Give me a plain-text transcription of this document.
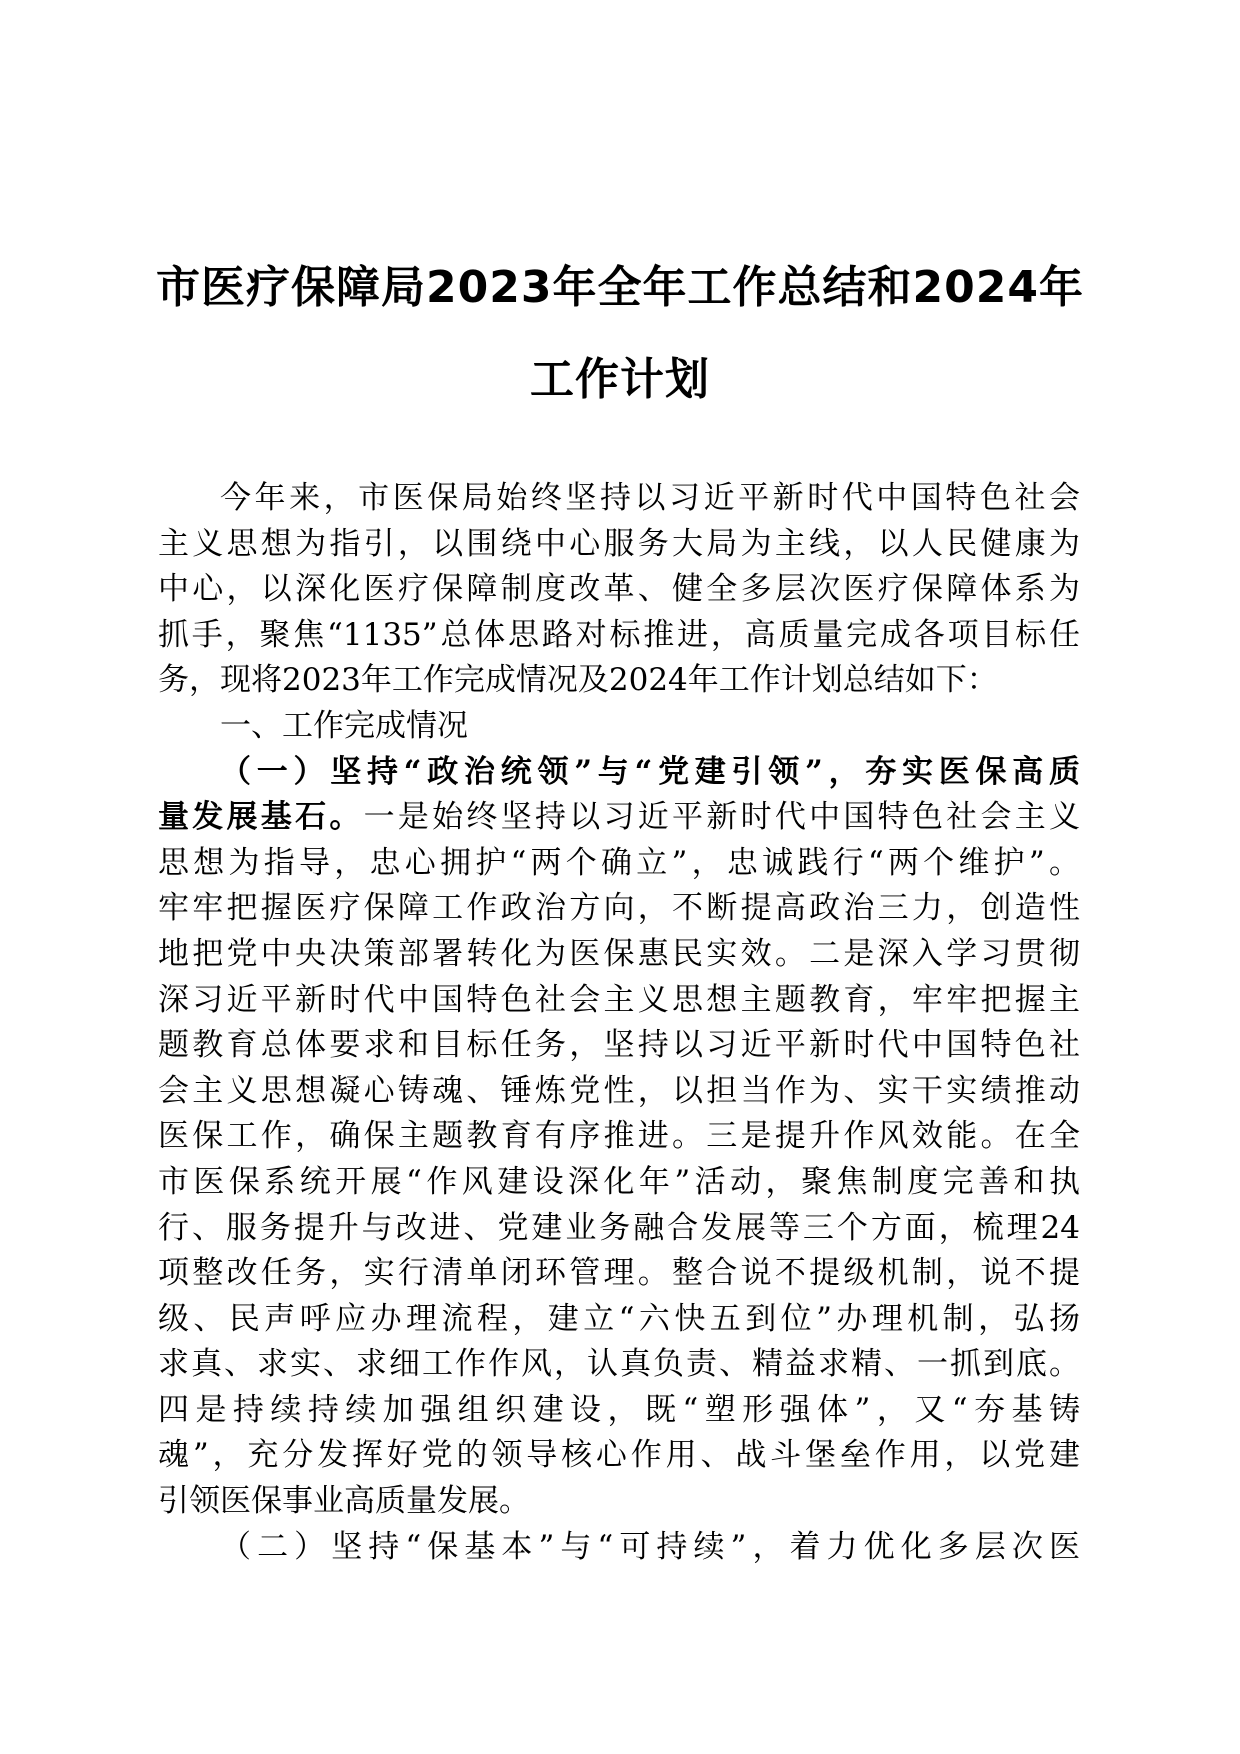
市医疗保障局2023年全年工作总结和2024年
工作计划
今年来，市医保局始终坚持以习近平新时代中国特色社会
主义思想为指引，以围绕中心服务大局为主线，以人民健康为
中心，以深化医疗保障制度改革、健全多层次医疗保障体系为
抓手，聚焦“1135”总体思路对标推进，高质量完成各项目标任
务，现将2023年工作完成情况及2024年工作计划总结如下：
一、工作完成情况
（一）坚持“政治统领”与“党建引领”，夯实医保高质
量发展基石。一是始终坚持以习近平新时代中国特色社会主义
思想为指导，忠心拥护“两个确立”，忠诚践行“两个维护”。
牢牢把握医疗保障工作政治方向，不断提高政治三力，创造性
地把党中央决策部署转化为医保惠民实效。二是深入学习贯彻
深习近平新时代中国特色社会主义思想主题教育，牢牢把握主
题教育总体要求和目标任务，坚持以习近平新时代中国特色社
会主义思想凝心铸魂、锤炼党性，以担当作为、实干实绩推动
医保工作，确保主题教育有序推进。三是提升作风效能。在全
市医保系统开展“作风建设深化年”活动，聚焦制度完善和执
行、服务提升与改进、党建业务融合发展等三个方面，梳理24
项整改任务，实行清单闭环管理。整合说不提级机制，说不提
级、民声呼应办理流程，建立“六快五到位”办理机制，弘扬
求真、求实、求细工作作风，认真负责、精益求精、一抓到底。
四是持续持续加强组织建设，既“塑形强体”，又“夯基铸
魂”，充分发挥好党的领导核心作用、战斗堡垒作用，以党建
引领医保事业高质量发展。
（二）坚持“保基本”与“可持续”，着力优化多层次医
